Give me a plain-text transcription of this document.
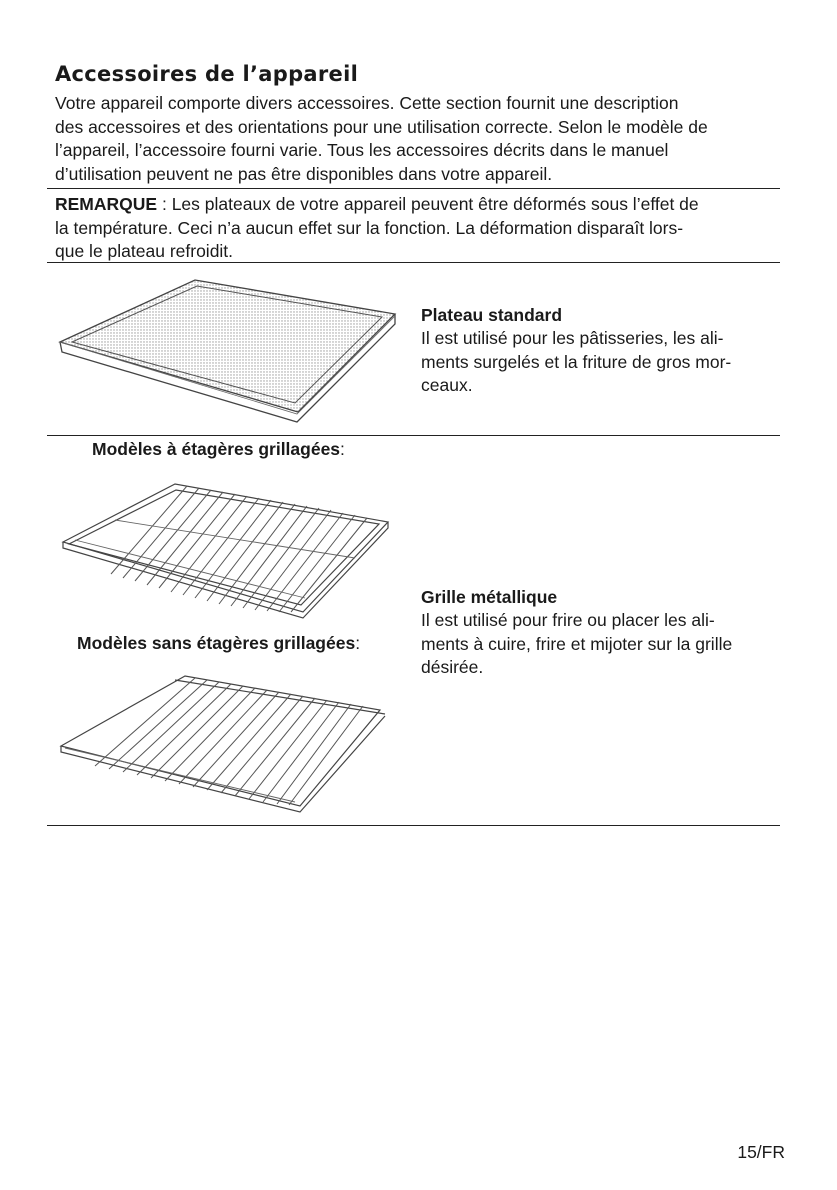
Accessoires de l’appareil
Votre appareil comporte divers accessoires. Cette section fournit une description
des accessoires et des orientations pour une utilisation correcte. Selon le modèle de
l’appareil, l’accessoire fourni varie. Tous les accessoires décrits dans le manuel
d’utilisation peuvent ne pas être disponibles dans votre appareil.
REMARQUE : Les plateaux de votre appareil peuvent être déformés sous l’effet de
la température. Ceci n’a aucun effet sur la fonction. La déformation disparaît lors-
que le plateau refroidit.
Plateau standard
Il est utilisé pour les pâtisseries, les ali-
ments surgelés et la friture de gros mor-
ceaux.
Modèles à étagères grillagées:
Grille métallique
Il est utilisé pour frire ou placer les ali-
ments à cuire, frire et mijoter sur la grille
désirée.
Modèles sans étagères grillagées:
15/FR
